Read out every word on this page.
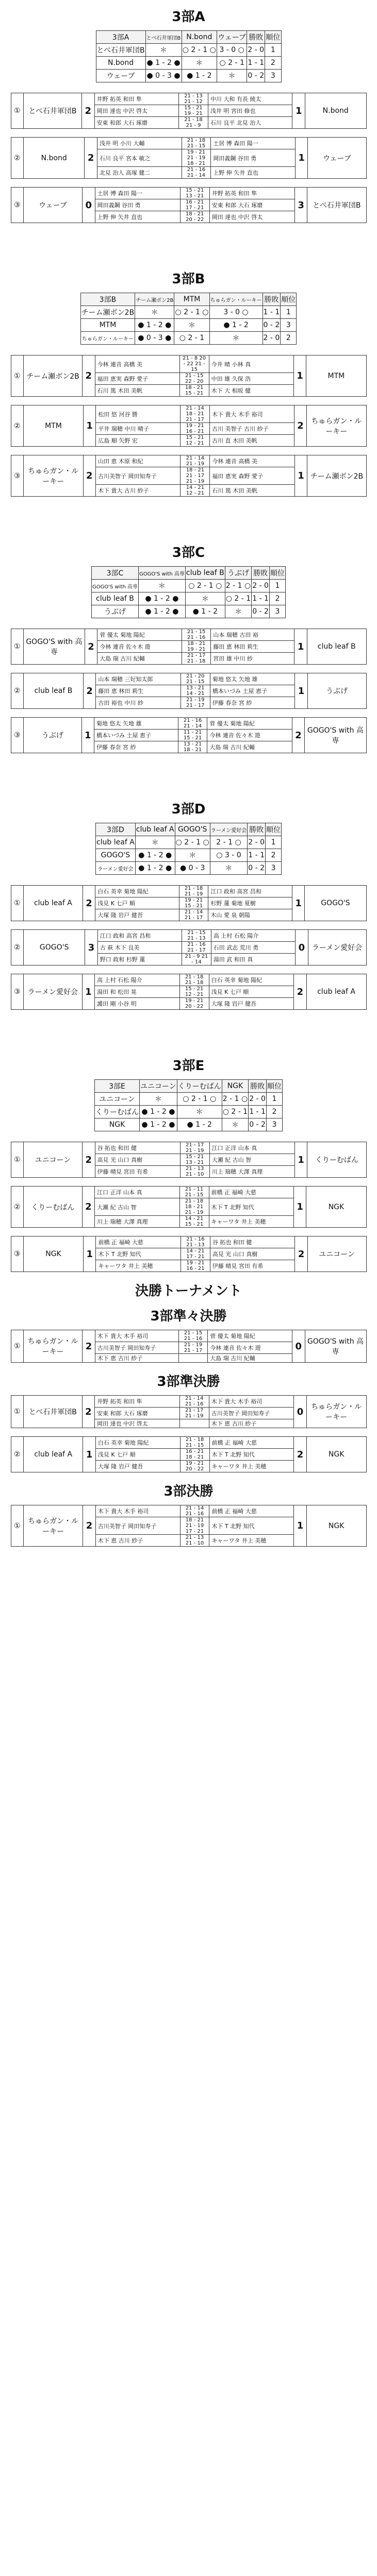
3部A
3部A	とべ石井軍団B	N.bond	ウェーブ	勝敗	順位
とべ石井軍団B	＊	○ 2 - 1 ○	3 - 0 ○	2 - 0	1
N.bond	● 1 - 2 ●	＊	○ 2 - 1	1 - 1	2
ウェーブ	● 0 - 3 ●	● 1 - 2	＊	0 - 2	3
①	とべ石井軍団B	2	井野 拓英 和田 隼	21 - 13 21 - 12	中川 大和 有長 綾太	1	N.bond
			岡田 達也 中沢 啓太	15 - 21 19 - 21	浅井 明 宮田 修也		
			安東 和郎 大石 琢磨	21 - 18 21 - 9	石川 良平 北見 治人		
②	N.bond	2	浅井 明 小川 大輔	21 - 18 21 - 15	土居 博 森田 陽一	1	ウェーブ
			石川 良平 宮本 敏之	19 - 21 21 - 19 18 - 21	岡田義鋼 谷田 勇		
			北見 治人 高塚 健二	21 - 16 21 - 14	上野 伸 矢井 直也		
③	ウェーブ	0	土居 博 森田 陽一	15 - 21 13 - 21	井野 拓英 和田 隼	3	とべ石井軍団B
			岡田義鋼 谷田 勇	16 - 21 17 - 21	安東 和郎 大石 琢磨		
			上野 伸 矢井 直也	18 - 21 20 - 22	岡田 達也 中沢 啓太		
3部B
3部B	チーム瀬ボン2B	MTM	ちゅらガン・ルーキー	勝敗	順位
チーム瀬ボン2B	＊	○ 2 - 1 ○	3 - 0 ○	1 - 1	1
MTM	● 1 - 2 ●	＊	● 1 - 2	0 - 2	3
ちゅらガン・ルーキー	● 0 - 3 ●	○ 2 - 1	＊	2 - 0	2
①	チーム瀬ボン2B	2	今林 連音 高橋 美	21 - 8 20 - 22 21 - 15	今井 晴 小林 真	1	MTM
			福田 恵実 森野 愛子	21 - 15 22 - 20	中田 雄 久保 浩		
			石川 篤 木田 美帆	18 - 21 15 - 21	木下 大 相坂 健		
②	MTM	1	松田 悠 河谷 勝	21 - 14 18 - 21 21 - 17	木下 貴大 木手 裕司	2	ちゅらガン・ルーキー
			平井 瑞穂 中川 晴子	19 - 21 16 - 21	古川 美智子 古川 紗子		
			広島 順 矢野 宏	15 - 21 12 - 21	古川 直 木田 美帆		
③	ちゅらガン・ルーキー	2	山田 恵 木原 和紀	21 - 14 21 - 19	今林 連音 高橋 美	1	チーム瀬ボン2B
			古川美智子 岡田知寿子	18 - 21 21 - 17 21 - 19	福田 恵実 森野 愛子		
			木下 貴大 古川 紗子	14 - 21 12 - 21	石川 篤 木田 美帆		
3部C
3部C	GOGO'S with 高専	club leaf B	うぶげ	勝敗	順位
GOGO'S with 高専	＊	○ 2 - 1 ○	2 - 1 ○	2 - 0	1
club leaf B	● 1 - 2 ●	＊	○ 2 - 1	1 - 1	2
うぶげ	● 1 - 2 ●	● 1 - 2	＊	0 - 2	3
①	GOGO'S with 高専	2	菅 優太 菊地 陽紀	21 - 15 21 - 16	山本 瑞穂 古田 裕	1	club leaf B
			今林 連音 佐々木 遊	18 - 21 19 - 21	藤田 恵 林田 莉生		
			大島 瑞 古川 紀輔	21 - 17 21 - 18	宮田 雄 中川 紗		
②	club leaf B	2	山本 瑞穂 三好知太郎	21 - 20 21 - 15	菊地 悠太 矢地 雄	1	うぶげ
			藤田 恵 林田 莉生	13 - 21 14 - 21	橋本いづみ 土屋 恵子		
			古田 裕也 中川 紗	21 - 19 21 - 17	伊藤 春奈 宮 紗		
③	うぶげ	1	菊地 悠太 矢地 雄	21 - 16 21 - 14	菅 優太 菊地 陽紀	2	GOGO'S with 高専
			橋本いづみ 土屋 恵子	11 - 21 15 - 21	今林 連音 佐々木 遊		
			伊藤 春奈 宮 紗	13 - 21 18 - 21	大島 瑞 古川 紀輔		
3部D
3部D	club leaf A	GOGO'S	ラーメン愛好会	勝敗	順位
club leaf A	＊	○ 2 - 1 ○	2 - 1 ○	2 - 0	1
GOGO'S	● 1 - 2 ●	＊	○ 3 - 0	1 - 1	2
ラーメン愛好会	● 1 - 2 ●	● 0 - 3	＊	0 - 2	3
①	club leaf A	2	白石 英幸 菊地 陽紀	21 - 18 21 - 19	江口 政和 高宮 昌和	1	GOGO'S
			浅見 K 七戸 順	19 - 21 15 - 21	杉野 蓮 菊地 夏樹		
			大塚 隆 岩戸 健吾	21 - 14 21 - 17	木山 愛 泉 朝陽		
②	GOGO'S	3	江口 政和 高宮 昌和	21 - 15 21 - 13	高 上村 石松 陽介	0	ラーメン愛好会
			古 萩 木下 良美	21 - 16 21 - 17	石田 武志 荒川 勇		
			野口 政和 杉野 蓮	21 - 9 21 - 14	湯田 武 和田 真		
③	ラーメン愛好会	1	高 上村 石松 陽介	21 - 18 21 - 18	白石 英幸 菊地 陽紀	2	club leaf A
			湯田 和 松田 晃	15 - 21 12 - 21	浅見 K 七戸 順		
			護田 剛 小谷 明	19 - 21 20 - 22	大塚 隆 岩戸 健吾		
3部E
3部E	ユニコーン	くりーむばん	NGK	勝敗	順位
ユニコーン	＊	○ 2 - 1 ○	2 - 1 ○	2 - 0	1
くりーむばん	● 1 - 2 ●	＊	○ 2 - 1	1 - 1	2
NGK	● 1 - 2 ●	● 1 - 2	＊	0 - 2	3
①	ユニコーン	2	谷 拓也 和田 健	21 - 17 21 - 19	江口 正洋 山本 真	1	くりーむばん
			高見 光 山口 真樹	15 - 21 13 - 21	大瀬 紀 古山 智		
			伊藤 晴見 宮田 有希	21 - 13 21 - 10	川上 瑞穂 大澤 真理		
②	くりーむばん	2	江口 正洋 山本 真	21 - 11 21 - 15	前橋 正 福崎 大慈	1	NGK
			大瀬 紀 古山 智	21 - 18 18 - 21 21 - 19	木下 T 北野 知代		
			川上 瑞穂 大澤 真理	14 - 21 15 - 21	キャーワタ 井上 美穂		
③	NGK	1	前橋 正 福崎 大慈	21 - 16 21 - 13	谷 拓也 和田 健	2	ユニコーン
			木下 T 北野 知代	14 - 21 17 - 21	高見 光 山口 真樹		
			キャーワタ 井上 美穂	19 - 21 16 - 21	伊藤 晴見 宮田 有希		
決勝トーナメント
3部準々決勝
①	ちゅらガン・ルーキー	2	木下 貴大 木手 裕司	21 - 15 21 - 16	菅 優太 菊地 陽紀	0	GOGO'S with 高専
			古川美智子 岡田知寿子	21 - 19 21 - 17	今林 連音 佐々木 遊		
			木下 恵 古川 紗子		大島 瑞 古川 紀輔		
3部準決勝
①	とべ石井軍団B	2	井野 拓英 和田 隼	21 - 14 21 - 16	木下 貴大 木手 裕司	0	ちゅらガン・ルーキー
			安東 和郎 大石 琢磨	21 - 17 21 - 19	古川美智子 岡田知寿子		
			岡田 達也 中沢 啓太		木下 恵 古川 紗子		
②	club leaf A	1	白石 英幸 菊地 陽紀	21 - 18 21 - 15	前橋 正 福崎 大慈	2	NGK
			浅見 K 七戸 順	16 - 21 18 - 21	木下 T 北野 知代		
			大塚 隆 岩戸 健吾	19 - 21 20 - 22	キャーワタ 井上 美穂		
3部決勝
①	ちゅらガン・ルーキー	2	木下 貴大 木手 裕司	21 - 14 21 - 16	前橋 正 福崎 大慈	1	NGK
			古川美智子 岡田知寿子	18 - 21 21 - 19 17 - 21	木下 T 北野 知代		
			木下 恵 古川 紗子	21 - 13 21 - 10	キャーワタ 井上 美穂		
